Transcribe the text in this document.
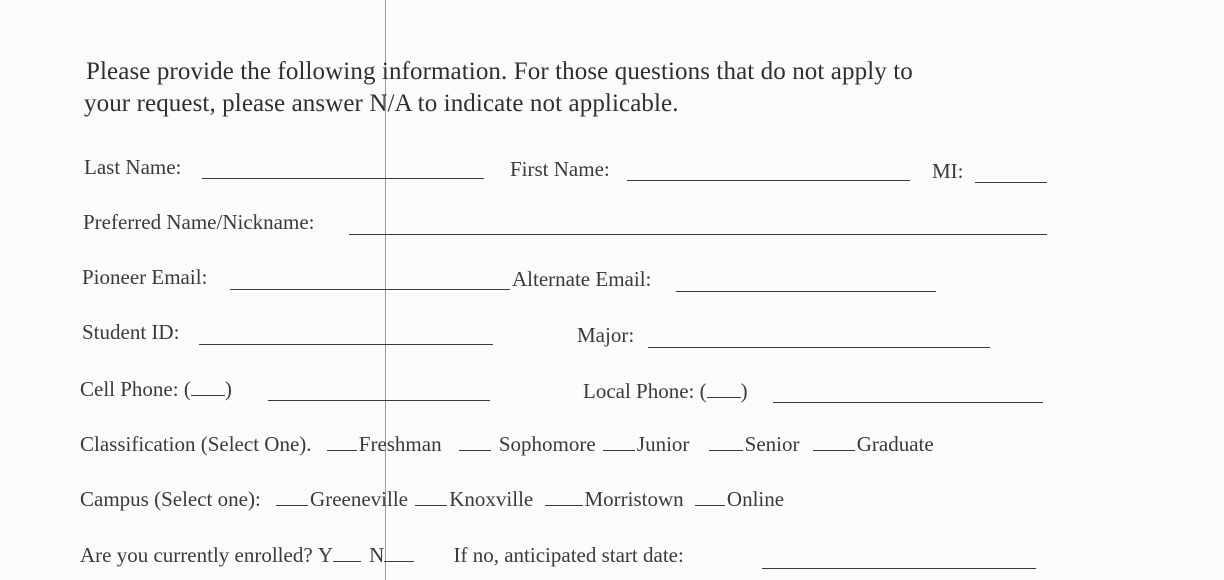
Please provide the following information. For those questions that do not apply to
your request, please answer N/A to indicate not applicable.
Last Name:	First Name:	MI:
Preferred Name/Nickname:
Pioneer Email:	Alternate Email:
Student ID:	Major:
Cell Phone: ( )	Local Phone: ( )
Classification (Select One). Freshman	Sophomore Junior	Senior	Graduate
Campus (Select one): Greeneville Knoxville Morristown Online
Are you currently enrolled? Y N	If no, anticipated start date:
